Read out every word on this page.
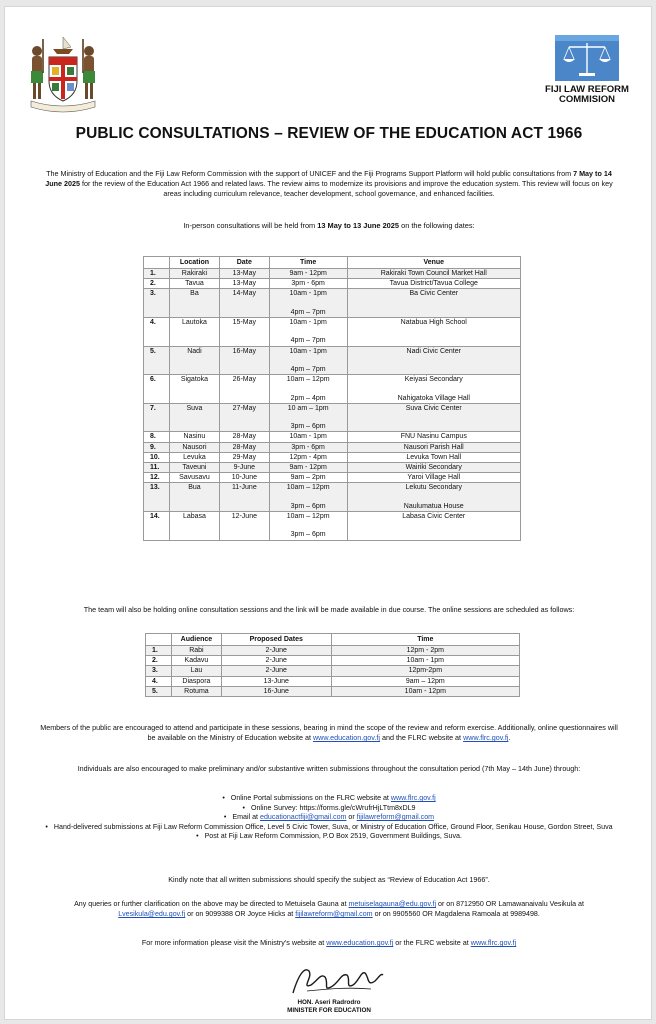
FIJI LAW REFORM
COMMISION
PUBLIC CONSULTATIONS – REVIEW OF THE EDUCATION ACT 1966

The Ministry of Education and the Fiji Law Reform Commission with the support of UNICEF and the Fiji Programs Support Platform will hold public consultations from 7 May to 14 June 2025 for the review of the Education Act 1966 and related laws. The review aims to modernize its provisions and improve the education system. This review will focus on key areas including curriculum relevance, teacher development, school governance, and enhanced facilities.

In-person consultations will be held from 13 May to 13 June 2025 on the following dates:

	Location	Date	Time	Venue
1.	Rakiraki	13-May	9am - 12pm	Rakiraki Town Council Market Hall
2.	Tavua	13-May	3pm - 6pm	Tavua District/Tavua College
3.	Ba	14-May	10am - 1pm

4pm – 7pm	Ba Civic Center
4.	Lautoka	15-May	10am - 1pm

4pm – 7pm	Natabua High School
5.	Nadi	16-May	10am - 1pm

4pm – 7pm	Nadi Civic Center
6.	Sigatoka	26-May	10am – 12pm

2pm – 4pm	Keiyasi Secondary

Nahigatoka Village Hall
7.	Suva	27-May	10 am – 1pm

3pm – 6pm	Suva Civic Center
8.	Nasinu	28-May	10am - 1pm	FNU Nasinu Campus
9.	Nausori	28-May	3pm - 6pm	Nausori Parish Hall
10.	Levuka	29-May	12pm - 4pm	Levuka Town Hall
11.	Taveuni	9-June	9am - 12pm	Wairiki Secondary
12.	Savusavu	10-June	9am – 2pm	Yaroi Village Hall
13.	Bua	11-June	10am – 12pm

3pm – 6pm	Lekutu Secondary

Naulumatua House
14.	Labasa	12-June	10am – 12pm

3pm – 6pm	Labasa Civic Center

The team will also be holding online consultation sessions and the link will be made available in due course. The online sessions are scheduled as follows:

	Audience	Proposed Dates	Time
1.	Rabi	2-June	12pm - 2pm
2.	Kadavu	2-June	10am - 1pm
3.	Lau	2-June	12pm-2pm
4.	Diaspora	13-June	9am – 12pm
5.	Rotuma	16-June	10am - 12pm

Members of the public are encouraged to attend and participate in these sessions, bearing in mind the scope of the review and reform exercise. Additionally, online questionnaires will be available on the Ministry of Education website at www.education.gov.fj and the FLRC website at www.flrc.gov.fj.

Individuals are also encouraged to make preliminary and/or substantive written submissions throughout the consultation period (7th May – 14th June) through:

• Online Portal submissions on the FLRC website at www.flrc.gov.fj
• Online Survey: https://forms.gle/cWrufrHjLTtm8xDL9
• Email at educationactfiji@gmail.com or fijilawreform@gmail.com
• Hand-delivered submissions at Fiji Law Reform Commission Office, Level 5 Civic Tower, Suva, or Ministry of Education Office, Ground Floor, Senikau House, Gordon Street, Suva
• Post at Fiji Law Reform Commission, P.O Box 2519, Government Buildings, Suva.

Kindly note that all written submissions should specify the subject as “Review of Education Act 1966”.

Any queries or further clarification on the above may be directed to Metuisela Gauna at metuiselagauna@edu.gov.fj or on 8712950 OR Lamawanaivalu Vesikula at Lvesikula@edu.gov.fj or on 9099388 OR Joyce Hicks at fijilawreform@gmail.com or on 9905560 OR Magdalena Ramoala at 9989498.

For more information please visit the Ministry’s website at www.education.gov.fj or the FLRC website at www.flrc.gov.fj

HON. Aseri Radrodro
MINISTER FOR EDUCATION
